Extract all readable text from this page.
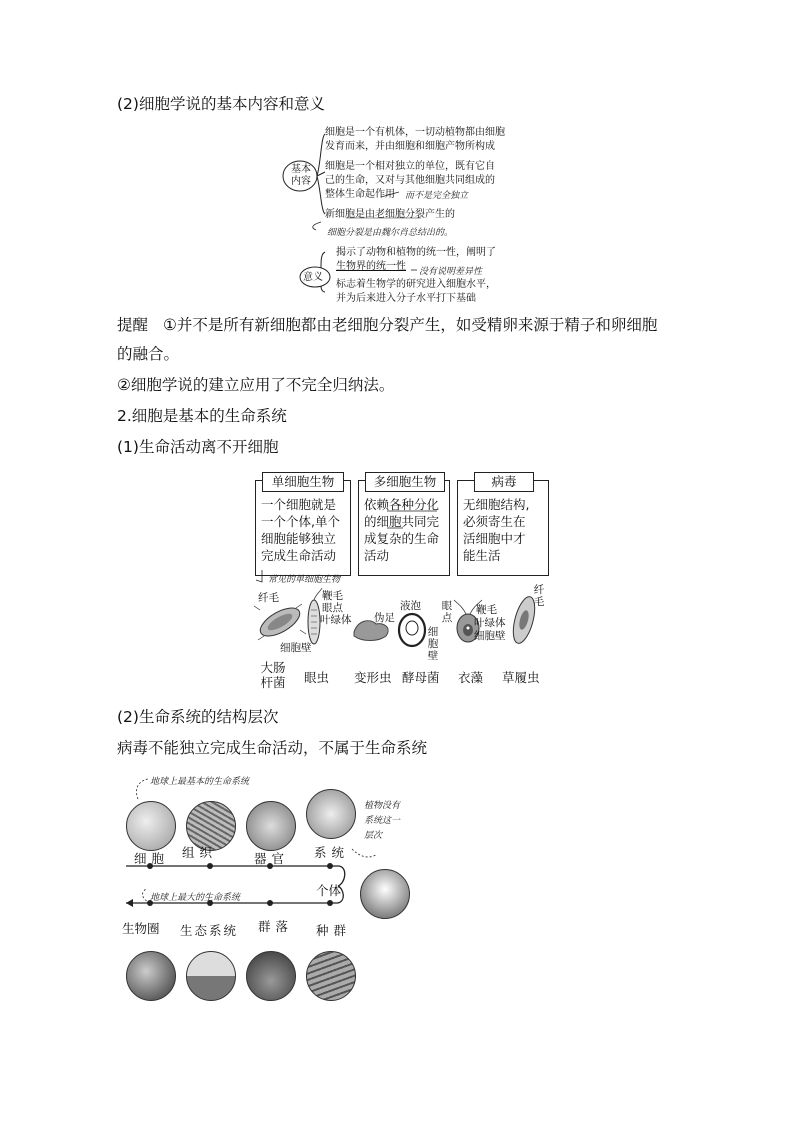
(2)细胞学说的基本内容和意义
基本
内容
细胞是一个有机体，一切动植物都由细胞
发育而来，并由细胞和细胞产物所构成
细胞是一个相对独立的单位，既有它自
己的生命，又对与其他细胞共同组成的
整体生命起作用 而不是完全独立
新细胞是由老细胞分裂产生的
细胞分裂是由魏尔肖总结出的。
意义
揭示了动物和植物的统一性，阐明了
生物界的统一性 没有说明差异性
标志着生物学的研究进入细胞水平，
并为后来进入分子水平打下基础
提醒 ①并不是所有新细胞都由老细胞分裂产生，如受精卵来源于精子和卵细胞
的融合。
②细胞学说的建立应用了不完全归纳法。
2.细胞是基本的生命系统
(1)生命活动离不开细胞
单细胞生物
一个细胞就是
一个个体,单个
细胞能够独立
完成生命活动
多细胞生物
依赖各种分化
的细胞共同完
成复杂的生命
活动
病毒
无细胞结构,
必须寄生在
活细胞中才
能生活
常见的单细胞生物
纤毛
细胞壁
鞭毛
眼点
叶绿体 伪足
液泡
细胞壁
眼点
鞭毛
叶绿体
细胞壁
纤毛
大肠
杆菌 眼虫 变形虫 酵母菌 衣藻 草履虫
(2)生命系统的结构层次
病毒不能独立完成生命活动，不属于生命系统
地球上最基本的生命系统
地球上最大的生命系统
植物没有
系统这一
层次
细胞 组织	器官 系统
个体
生物圈 生态系统 群落 种群
